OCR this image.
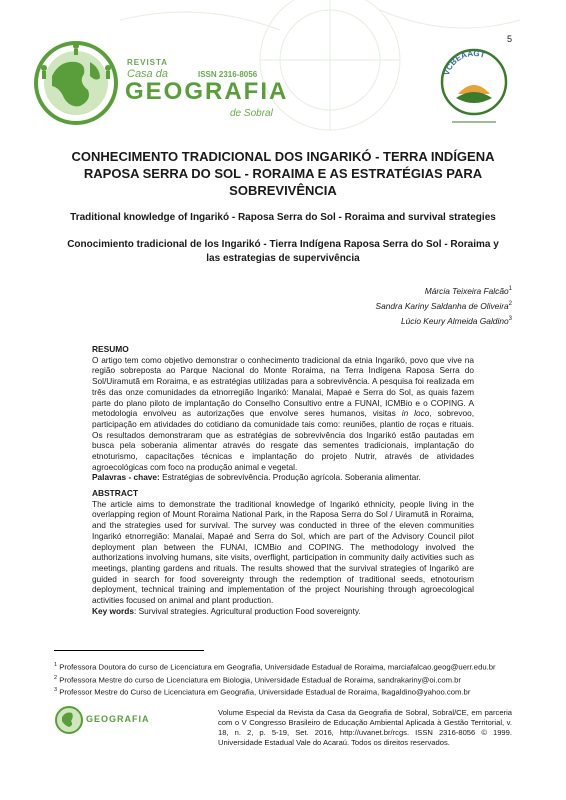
5
REVISTA
Casa da	ISSN 2316-8056
GEOGRAFIA
de Sobral
VCBEAAGT
CONHECIMENTO TRADICIONAL DOS INGARIKÓ - TERRA INDÍGENA RAPOSA SERRA DO SOL - RORAIMA E AS ESTRATÉGIAS PARA SOBREVIVÊNCIA
Traditional knowledge of Ingarikó - Raposa Serra do Sol - Roraima and survival strategies
Conocimiento tradicional de los Ingarikó - Tierra Indígena Raposa Serra do Sol - Roraima y las estrategias de supervivência
Márcia Teixeira Falcão$^1$
Sandra Kariny Saldanha de Oliveira$^2$
Lúcio Keury Almeida Galdino$^3$
RESUMO
O artigo tem como objetivo demonstrar o conhecimento tradicional da etnia Ingarikó, povo que vive na região sobreposta ao Parque Nacional do Monte Roraima, na Terra Indígena Raposa Serra do Sol/Uiramutã em Roraima, e as estratégias utilizadas para a sobrevivência. A pesquisa foi realizada em três das onze comunidades da etnorregião Ingarikó: Manalai, Mapaé e Serra do Sol, as quais fazem parte do plano piloto de implantação do Conselho Consultivo entre a FUNAI, ICMBio e o COPING. A metodologia envolveu as autorizações que envolve seres humanos, visitas in loco, sobrevoo, participação em atividades do cotidiano da comunidade tais como: reuniões, plantio de roças e rituais. Os resultados demonstraram que as estratégias de sobrevivência dos Ingarikó estão pautadas em busca pela soberania alimentar através do resgate das sementes tradicionais, implantação do etnoturismo, capacitações técnicas e implantação do projeto Nutrir, através de atividades agroecológicas com foco na produção animal e vegetal.
Palavras - chave: Estratégias de sobrevivência. Produção agrícola. Soberania alimentar.
ABSTRACT
The article aims to demonstrate the traditional knowledge of Ingarikó ethnicity, people living in the overlapping region of Mount Roraima National Park, in the Raposa Serra do Sol / Uiramutã in Roraima, and the strategies used for survival. The survey was conducted in three of the eleven communities Ingarikó etnorregião: Manalai, Mapaé and Serra do Sol, which are part of the Advisory Council pilot deployment plan between the FUNAI, ICMBio and COPING. The methodology involved the authorizations involving humans, site visits, overflight, participation in community daily activities such as meetings, planting gardens and rituals. The results showed that the survival strategies of Ingarikó are guided in search for food sovereignty through the redemption of traditional seeds, etnotourism deployment, technical training and implementation of the project Nourishing through agroecological activities focused on animal and plant production.
Key words: Survival strategies. Agricultural production Food sovereignty.
$^1$ Professora Doutora do curso de Licenciatura em Geografia, Universidade Estadual de Roraima, marciafalcao.geog@uerr.edu.br
$^2$ Professora Mestre do curso de Licenciatura em Biologia, Universidade Estadual de Roraima, sandrakariny@oi.com.br
$^3$ Professor Mestre do Curso de Licenciatura em Geografia, Universidade Estadual de Roraima, lkagaldino@yahoo.com.br
GEOGRAFIA
Volume Especial da Revista da Casa da Geografia de Sobral, Sobral/CE, em parceria com o V Congresso Brasileiro de Educação Ambiental Aplicada à Gestão Territorial, v. 18, n. 2, p. 5-19, Set. 2016, http://uvanet.br/rcgs. ISSN 2316-8056 © 1999. Universidade Estadual Vale do Acaraú. Todos os direitos reservados.
